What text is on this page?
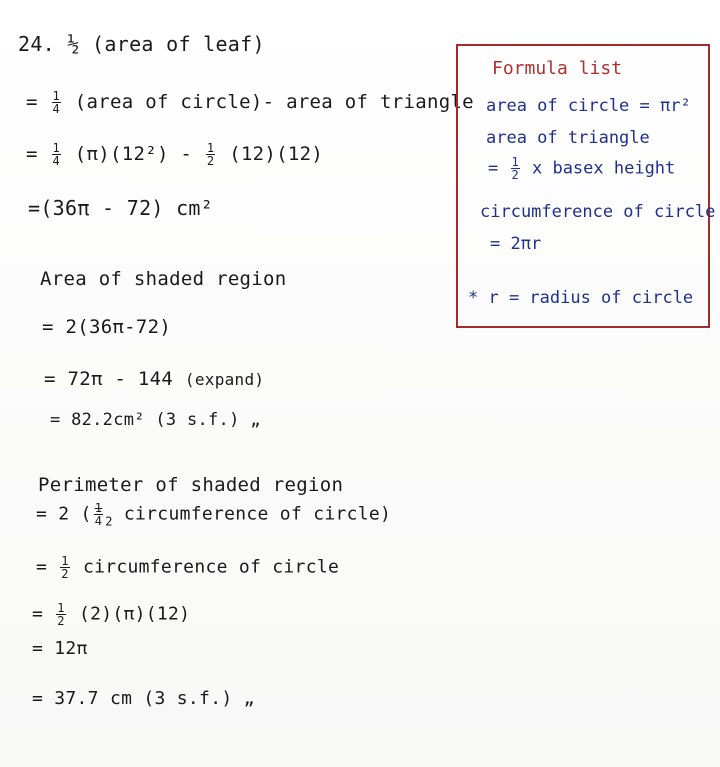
24. ½ (area of leaf)
= $\frac{1}{4}$ (area of circle)- area of triangle
= $\frac{1}{4} (\pi)(12^2) - \frac{1}{2} (12)(12)$
=(36π - 72) cm²
Area of shaded region
= 2(36π-72)
= 72π - 144 (expand)
= 82.2cm² (3 s.f.) „
Perimeter of shaded region
= 2 ( $\frac{1}{4} _2$ circumference of circle)
= $\frac{1}{2}$ circumference of circle
= $\frac{1}{2} (2)(\pi)(12)$
= 12π
= 37.7 cm (3 s.f.) „
Formula list
area of circle = πr²
area of triangle
= $\frac{1}{2}$ x basex height
circumference of circle
= 2πr
* r = radius of circle
